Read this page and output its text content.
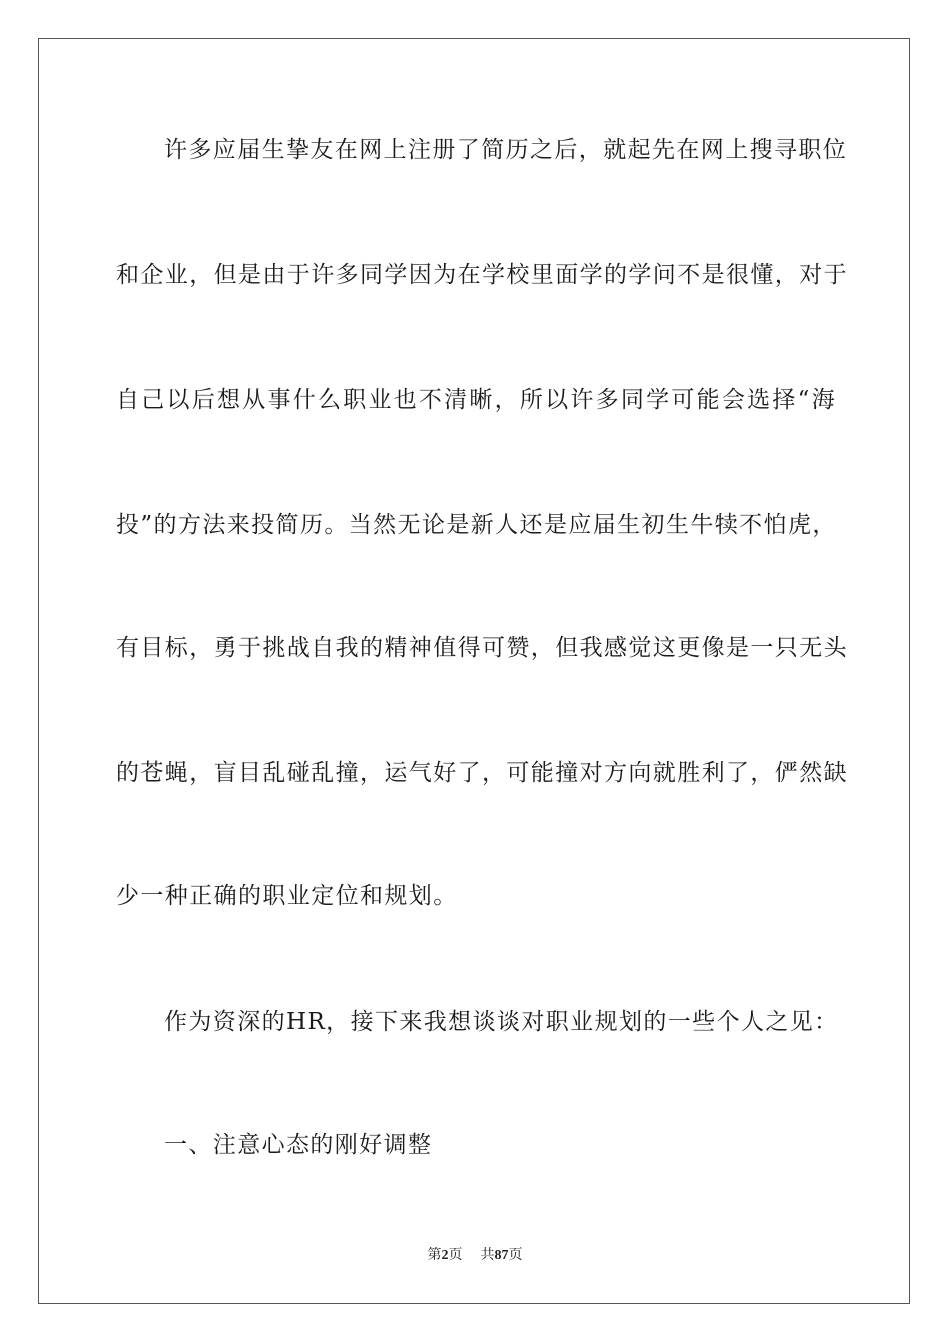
许多应届生挚友在网上注册了简历之后，就起先在网上搜寻职位
和企业，但是由于许多同学因为在学校里面学的学问不是很懂，对于
自己以后想从事什么职业也不清晰，所以许多同学可能会选择“海
投”的方法来投简历。当然无论是新人还是应届生初生牛犊不怕虎，
有目标，勇于挑战自我的精神值得可赞，但我感觉这更像是一只无头
的苍蝇，盲目乱碰乱撞，运气好了，可能撞对方向就胜利了，俨然缺
少一种正确的职业定位和规划。
作为资深的HR，接下来我想谈谈对职业规划的一些个人之见：
一、注意心态的刚好调整
第2页 共87页
